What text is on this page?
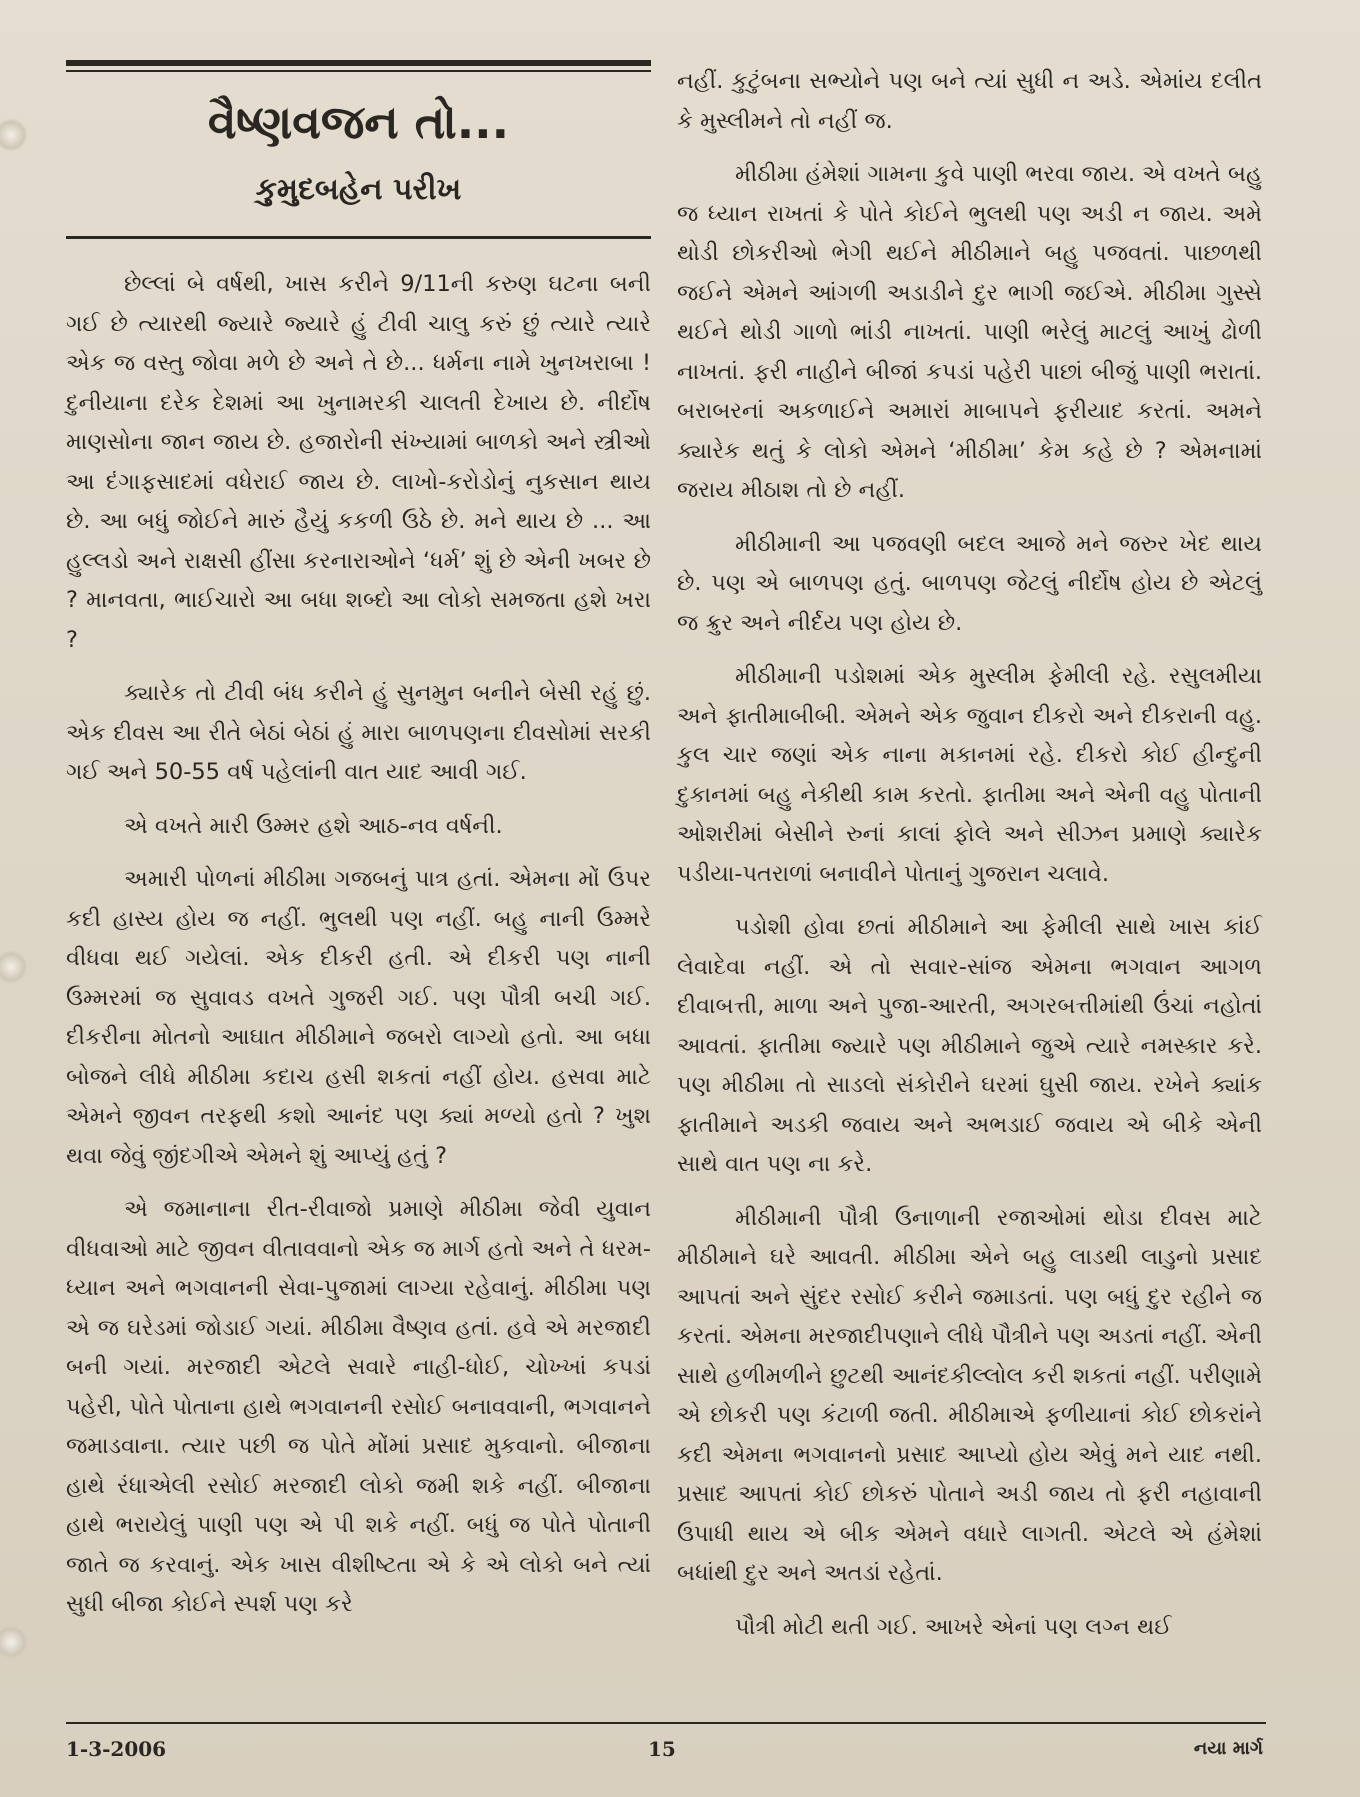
વૈષ્ણવજન તો...
કુમુદબહેન પરીખ

છેલ્લાં બે વર્ષથી, ખાસ કરીને 9/11ની કરુણ ઘટના બની ગઈ છે ત્યારથી જ્યારે જ્યારે હું ટીવી ચાલુ કરું છું ત્યારે ત્યારે એક જ વસ્તુ જોવા મળે છે અને તે છે... ધર્મના નામે ખુનખરાબા ! દુનીયાના દરેક દેશમાં આ ખુનામરકી ચાલતી દેખાય છે. નીર્દોષ માણસોના જાન જાય છે. હજારોની સંખ્યામાં બાળકો અને સ્ત્રીઓ આ દંગાફસાદમાં વધેરાઈ જાય છે. લાખો-કરોડોનું નુકસાન થાય છે. આ બધું જોઈને મારું હૈયું કકળી ઉઠે છે. મને થાય છે ... આ હુલ્લડો અને રાક્ષસી હીંસા કરનારાઓને ‘ધર્મ’ શું છે એની ખબર છે ? માનવતા, ભાઈચારો આ બધા શબ્દો આ લોકો સમજતા હશે ખરા ?

ક્યારેક તો ટીવી બંધ કરીને હું સુનમુન બનીને બેસી રહું છું. એક દીવસ આ રીતે બેઠાં બેઠાં હું મારા બાળપણના દીવસોમાં સરકી ગઈ અને 50-55 વર્ષ પહેલાંની વાત યાદ આવી ગઈ.

એ વખતે મારી ઉમ્મર હશે આઠ-નવ વર્ષની.

અમારી પોળનાં મીઠીમા ગજબનું પાત્ર હતાં. એમના મોં ઉપર કદી હાસ્ય હોય જ નહીં. ભુલથી પણ નહીં. બહુ નાની ઉમ્મરે વીધવા થઈ ગયેલાં. એક દીકરી હતી. એ દીકરી પણ નાની ઉમ્મરમાં જ સુવાવડ વખતે ગુજરી ગઈ. પણ પૌત્રી બચી ગઈ. દીકરીના મોતનો આઘાત મીઠીમાને જબરો લાગ્યો હતો. આ બધા બોજને લીધે મીઠીમા કદાચ હસી શકતાં નહીં હોય. હસવા માટે એમને જીવન તરફથી કશો આનંદ પણ ક્યાં મળ્યો હતો ? ખુશ થવા જેવું જીંદગીએ એમને શું આપ્યું હતું ?

એ જમાનાના રીત-રીવાજો પ્રમાણે મીઠીમા જેવી યુવાન વીધવાઓ માટે જીવન વીતાવવાનો એક જ માર્ગ હતો અને તે ધરમ-ધ્યાન અને ભગવાનની સેવા-પુજામાં લાગ્યા રહેવાનું. મીઠીમા પણ એ જ ઘરેડમાં જોડાઈ ગયાં. મીઠીમા વૈષ્ણવ હતાં. હવે એ મરજાદી બની ગયાં. મરજાદી એટલે સવારે નાહી-ધોઈ, ચોખ્ખાં કપડાં પહેરી, પોતે પોતાના હાથે ભગવાનની રસોઈ બનાવવાની, ભગવાનને જમાડવાના. ત્યાર પછી જ પોતે મોંમાં પ્રસાદ મુકવાનો. બીજાના હાથે રંધાએલી રસોઈ મરજાદી લોકો જમી શકે નહીં. બીજાના હાથે ભરાયેલું પાણી પણ એ પી શકે નહીં. બધું જ પોતે પોતાની જાતે જ કરવાનું. એક ખાસ વીશીષ્ટતા એ કે એ લોકો બને ત્યાં સુધી બીજા કોઈને સ્પર્શ પણ કરે

નહીં. કુટુંબના સભ્યોને પણ બને ત્યાં સુધી ન અડે. એમાંય દલીત કે મુસ્લીમને તો નહીં જ.

મીઠીમા હંમેશાં ગામના કુવે પાણી ભરવા જાય. એ વખતે બહુ જ ધ્યાન રાખતાં કે પોતે કોઈને ભુલથી પણ અડી ન જાય. અમે થોડી છોકરીઓ ભેગી થઈને મીઠીમાને બહુ પજવતાં. પાછળથી જઈને એમને આંગળી અડાડીને દુર ભાગી જઈએ. મીઠીમા ગુસ્સે થઈને થોડી ગાળો ભાંડી નાખતાં. પાણી ભરેલું માટલું આખું ઢોળી નાખતાં. ફરી નાહીને બીજાં કપડાં પહેરી પાછાં બીજું પાણી ભરાતાં. બરાબરનાં અકળાઈને અમારાં માબાપને ફરીયાદ કરતાં. અમને ક્યારેક થતું કે લોકો એમને ‘મીઠીમા’ કેમ કહે છે ? એમનામાં જરાય મીઠાશ તો છે નહીં.

મીઠીમાની આ પજવણી બદલ આજે મને જરુર ખેદ થાય છે. પણ એ બાળપણ હતું. બાળપણ જેટલું નીર્દોષ હોય છે એટલું જ ક્રુર અને નીર્દય પણ હોય છે.

મીઠીમાની પડોશમાં એક મુસ્લીમ ફેમીલી રહે. રસુલમીયા અને ફાતીમાબીબી. એમને એક જુવાન દીકરો અને દીકરાની વહુ. કુલ ચાર જણાં એક નાના મકાનમાં રહે. દીકરો કોઈ હીન્દુની દુકાનમાં બહુ નેકીથી કામ કરતો. ફાતીમા અને એની વહુ પોતાની ઓશરીમાં બેસીને રુનાં કાલાં ફોલે અને સીઝન પ્રમાણે ક્યારેક પડીયા-પતરાળાં બનાવીને પોતાનું ગુજરાન ચલાવે.

પડોશી હોવા છતાં મીઠીમાને આ ફેમીલી સાથે ખાસ કાંઈ લેવાદેવા નહીં. એ તો સવાર-સાંજ એમના ભગવાન આગળ દીવાબત્તી, માળા અને પુજા-આરતી, અગરબત્તીમાંથી ઉંચાં નહોતાં આવતાં. ફાતીમા જ્યારે પણ મીઠીમાને જુએ ત્યારે નમસ્કાર કરે. પણ મીઠીમા તો સાડલો સંકોરીને ઘરમાં ઘુસી જાય. રખેને ક્યાંક ફાતીમાને અડકી જવાય અને અભડાઈ જવાય એ બીકે એની સાથે વાત પણ ના કરે.

મીઠીમાની પૌત્રી ઉનાળાની રજાઓમાં થોડા દીવસ માટે મીઠીમાને ઘરે આવતી. મીઠીમા એને બહુ લાડથી લાડુનો પ્રસાદ આપતાં અને સુંદર રસોઈ કરીને જમાડતાં. પણ બધું દુર રહીને જ કરતાં. એમના મરજાદીપણાને લીધે પૌત્રીને પણ અડતાં નહીં. એની સાથે હળીમળીને છુટથી આનંદકીલ્લોલ કરી શકતાં નહીં. પરીણામે એ છોકરી પણ કંટાળી જતી. મીઠીમાએ ફળીયાનાં કોઈ છોકરાંને કદી એમના ભગવાનનો પ્રસાદ આપ્યો હોય એવું મને યાદ નથી. પ્રસાદ આપતાં કોઈ છોકરું પોતાને અડી જાય તો ફરી નહાવાની ઉપાધી થાય એ બીક એમને વધારે લાગતી. એટલે એ હંમેશાં બધાંથી દુર અને અતડાં રહેતાં.

પૌત્રી મોટી થતી ગઈ. આખરે એનાં પણ લગ્ન થઈ

1-3-2006	15	નયા માર્ગ
